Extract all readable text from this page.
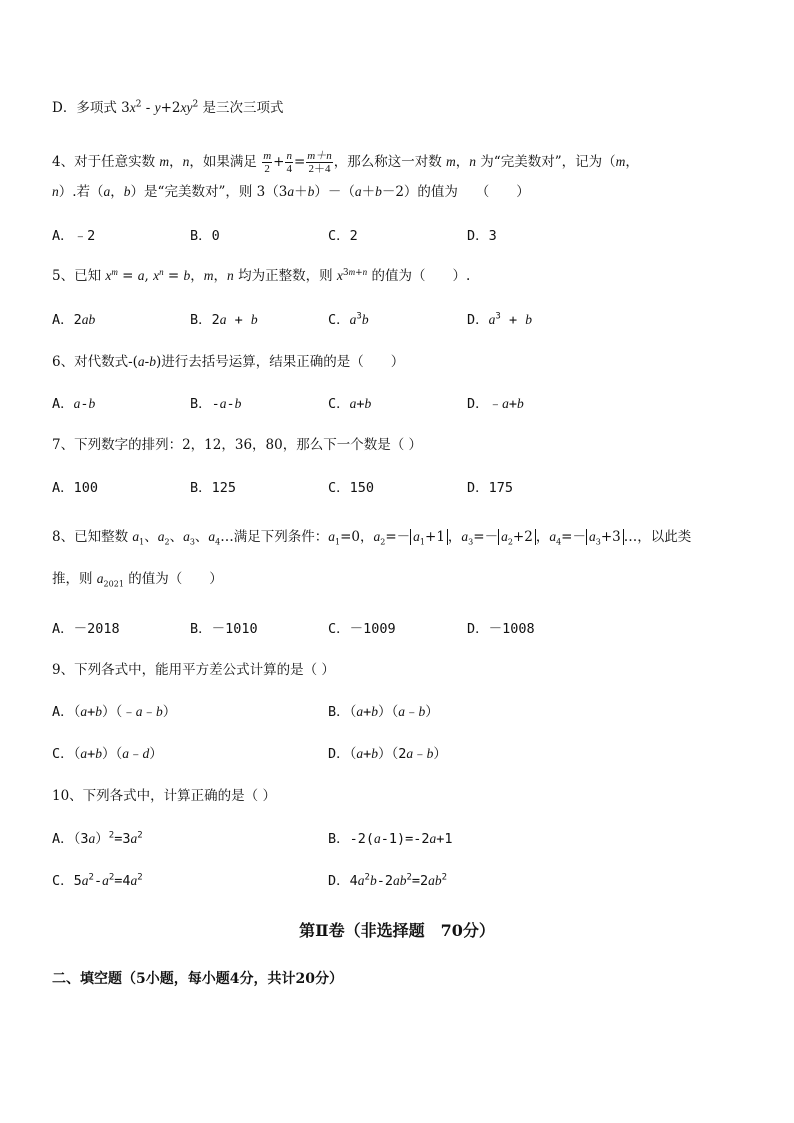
D．多项式 $3x^2 - y+2xy^2$ 是三次三项式
4、对于任意实数 m，n，如果满足 $\frac{m}{2} + \frac{n}{4} = \frac{m+n}{2+4}$ ，那么称这一对数 m，n 为“完美数对”，记为（m，
n）.若（a，b）是“完美数对”，则 3（3a＋b）－（a＋b－2）的值为　 （　　）
A．﹣2	B．0	C．2	D．3
5、已知 $x^m = a$, $x^n = b$，m，n 均为正整数，则 $x^{3m+n}$ 的值为（　　）.
A．2ab	B．2a + b	C．$a^3b$	D．$a^3 + b$
6、对代数式-(a-b)进行去括号运算，结果正确的是（　　）
A．a-b	B．-a-b	C．a+b	D．﹣a+b
7、下列数字的排列：2，12，36，80，那么下一个数是（ ）
A．100	B．125	C．150	D．175
8、已知整数 $a_1$、$a_2$、$a_3$、$a_4\dots$满足下列条件：$a_1=0$，$a_2=- a_1+1$ ，$a_3=- a_2+2$ ，$a_4=- a_3+3$ …，以此类
推，则 $a_{2021}$ 的值为（　　）
A．－2018	B．－1010	C．－1009	D．－1008
9、下列各式中，能用平方差公式计算的是（ ）
A．（a+b）（﹣a﹣b）	B．（a+b）（a﹣b）
C．（a+b）（a﹣d）	D．（a+b）（2a﹣b）
10、下列各式中，计算正确的是（ ）
A．$(3a)^2=3a^2$	B．-2(a-1)=-2a+1
C．$5a^2-a^2=4a^2$	D．$4a^2b-2ab^2=2ab^2$
第Ⅱ卷（非选择题　70分）
二、填空题（5小题，每小题4分，共计20分）
